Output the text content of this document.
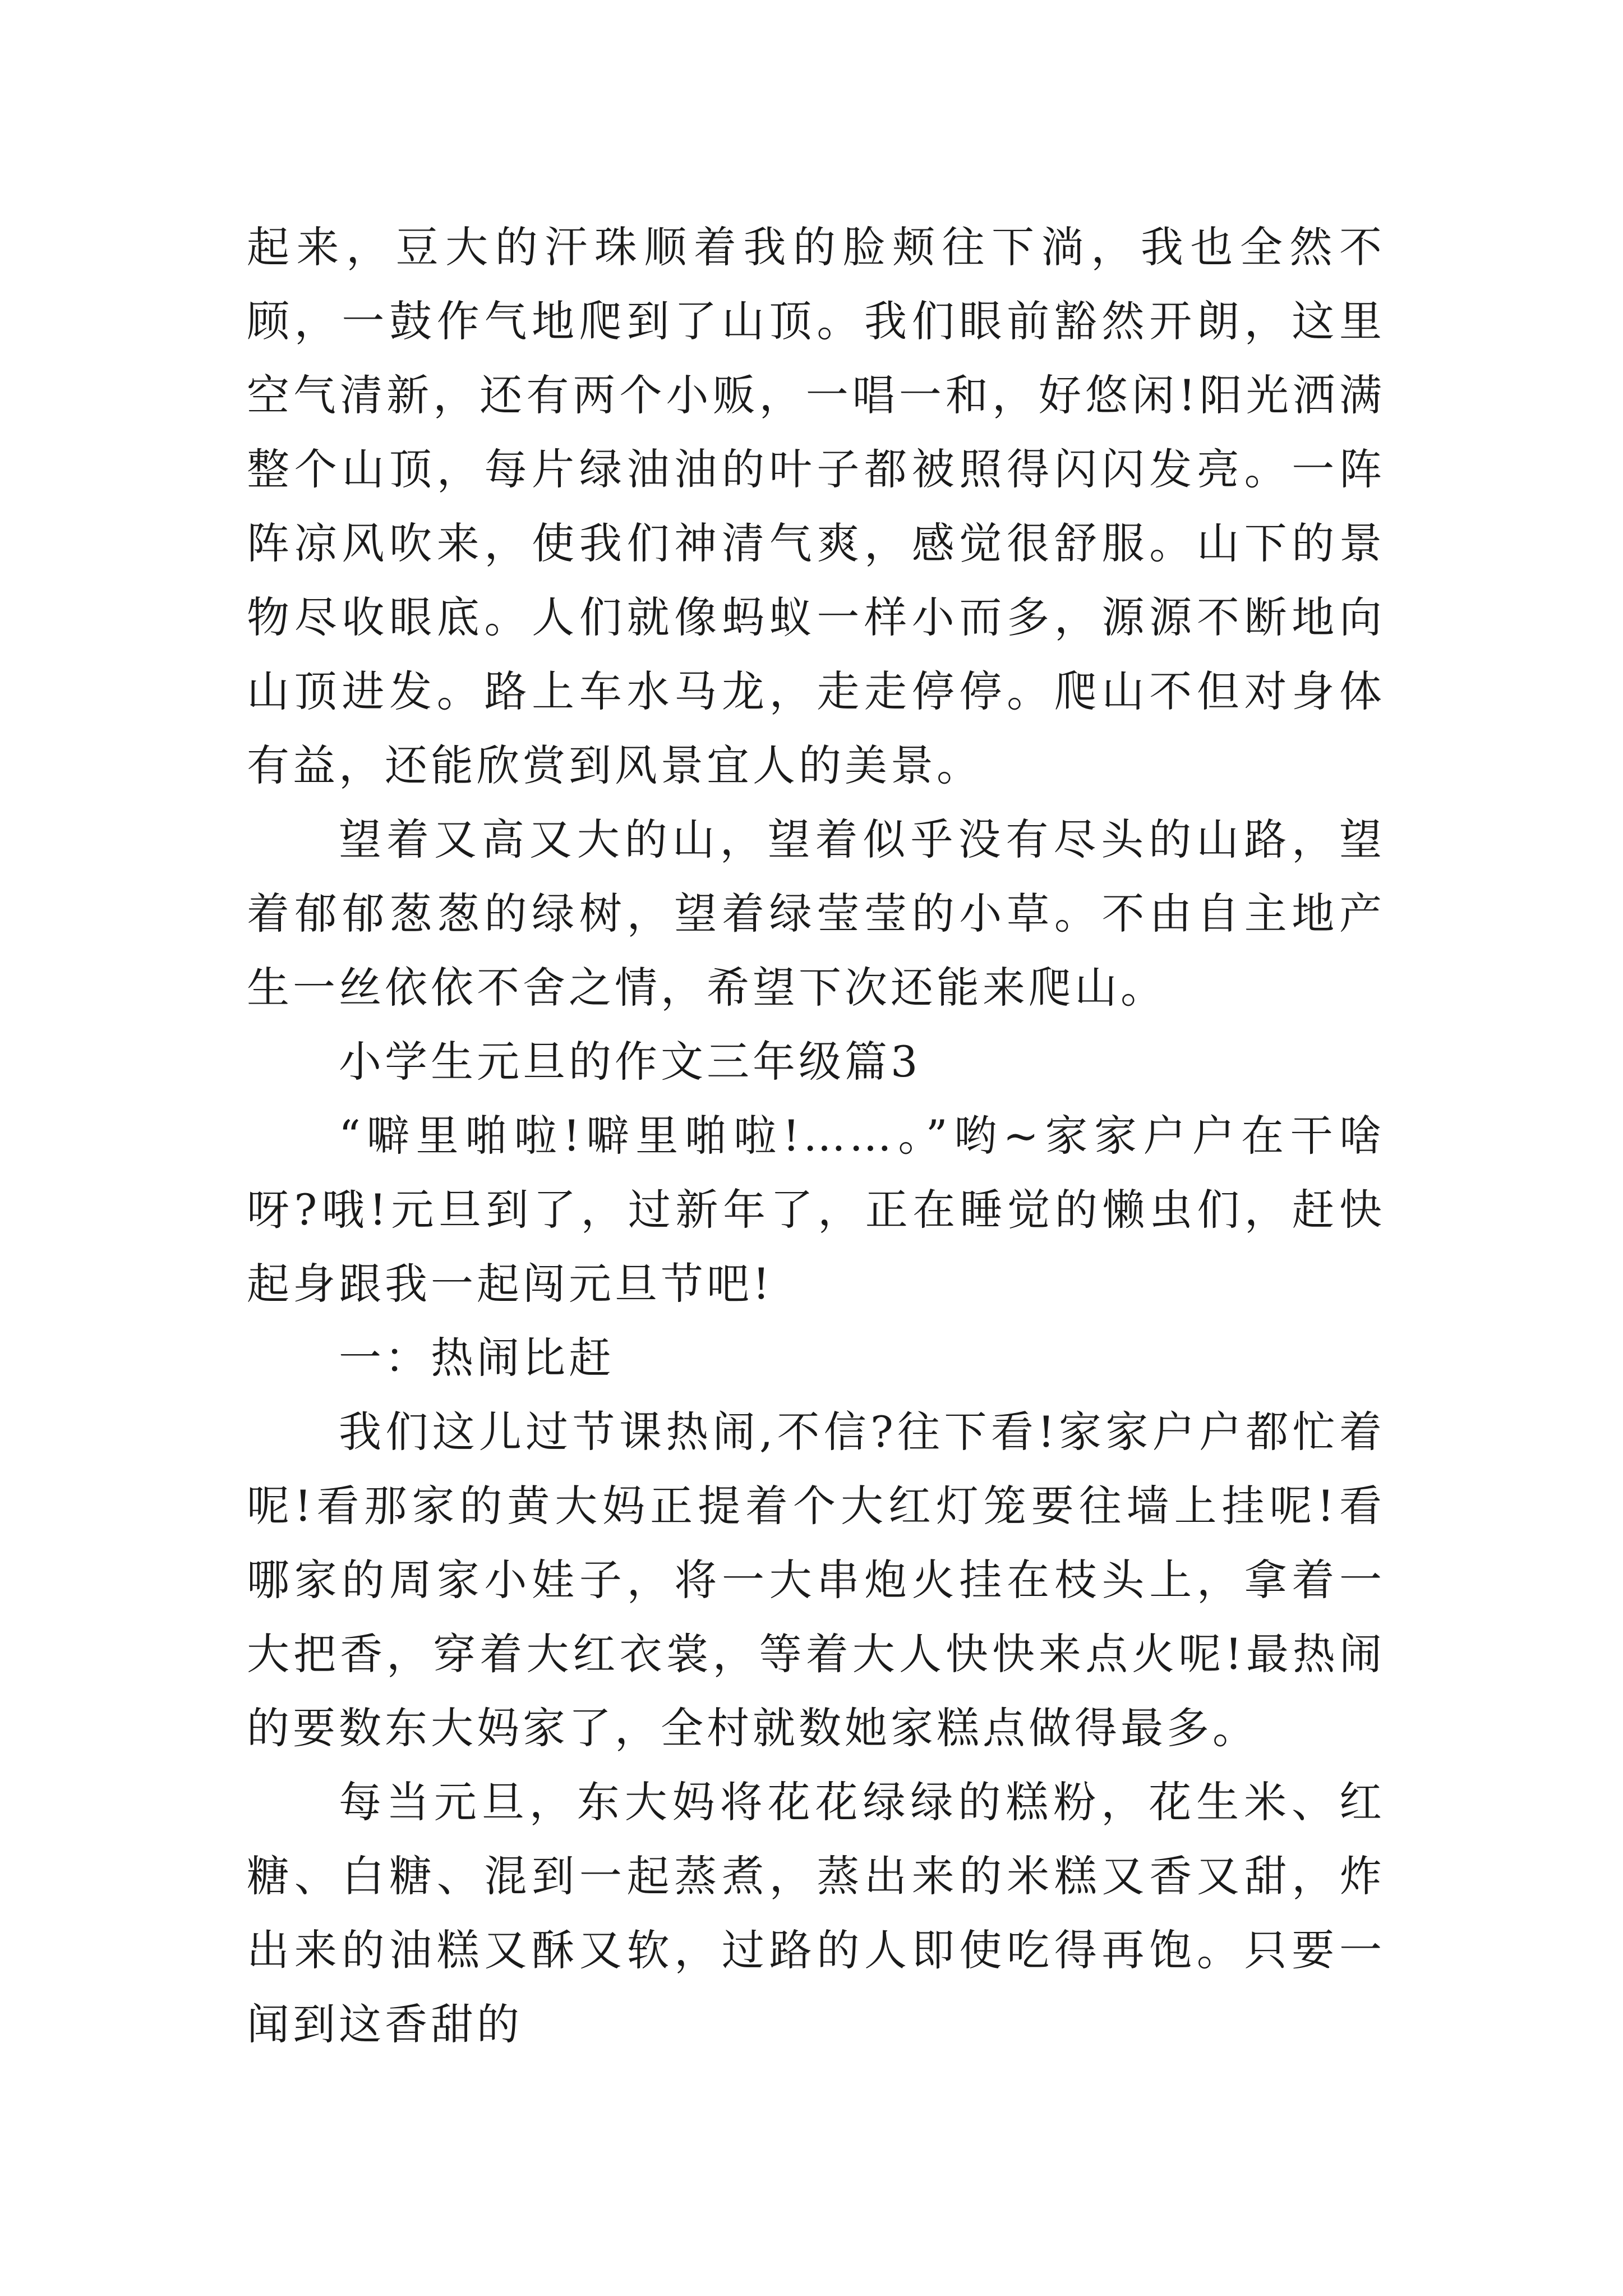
起来，豆大的汗珠顺着我的脸颊往下淌，我也全然不顾，一鼓作气地爬到了山顶。我们眼前豁然开朗，这里空气清新，还有两个小贩，一唱一和，好悠闲!阳光洒满整个山顶，每片绿油油的叶子都被照得闪闪发亮。一阵阵凉风吹来，使我们神清气爽，感觉很舒服。山下的景物尽收眼底。人们就像蚂蚁一样小而多，源源不断地向山顶进发。路上车水马龙，走走停停。爬山不但对身体有益，还能欣赏到风景宜人的美景。

望着又高又大的山，望着似乎没有尽头的山路，望着郁郁葱葱的绿树，望着绿莹莹的小草。不由自主地产生一丝依依不舍之情，希望下次还能来爬山。

小学生元旦的作文三年级篇3

“噼里啪啦!噼里啪啦!……。”哟~家家户户在干啥呀?哦!元旦到了，过新年了，正在睡觉的懒虫们，赶快起身跟我一起闯元旦节吧!

一：热闹比赶

我们这儿过节课热闹,不信?往下看!家家户户都忙着呢!看那家的黄大妈正提着个大红灯笼要往墙上挂呢!看哪家的周家小娃子，将一大串炮火挂在枝头上，拿着一大把香，穿着大红衣裳，等着大人快快来点火呢!最热闹的要数东大妈家了，全村就数她家糕点做得最多。

每当元旦，东大妈将花花绿绿的糕粉，花生米、红糖、白糖、混到一起蒸煮，蒸出来的米糕又香又甜，炸出来的油糕又酥又软，过路的人即使吃得再饱。只要一闻到这香甜的
